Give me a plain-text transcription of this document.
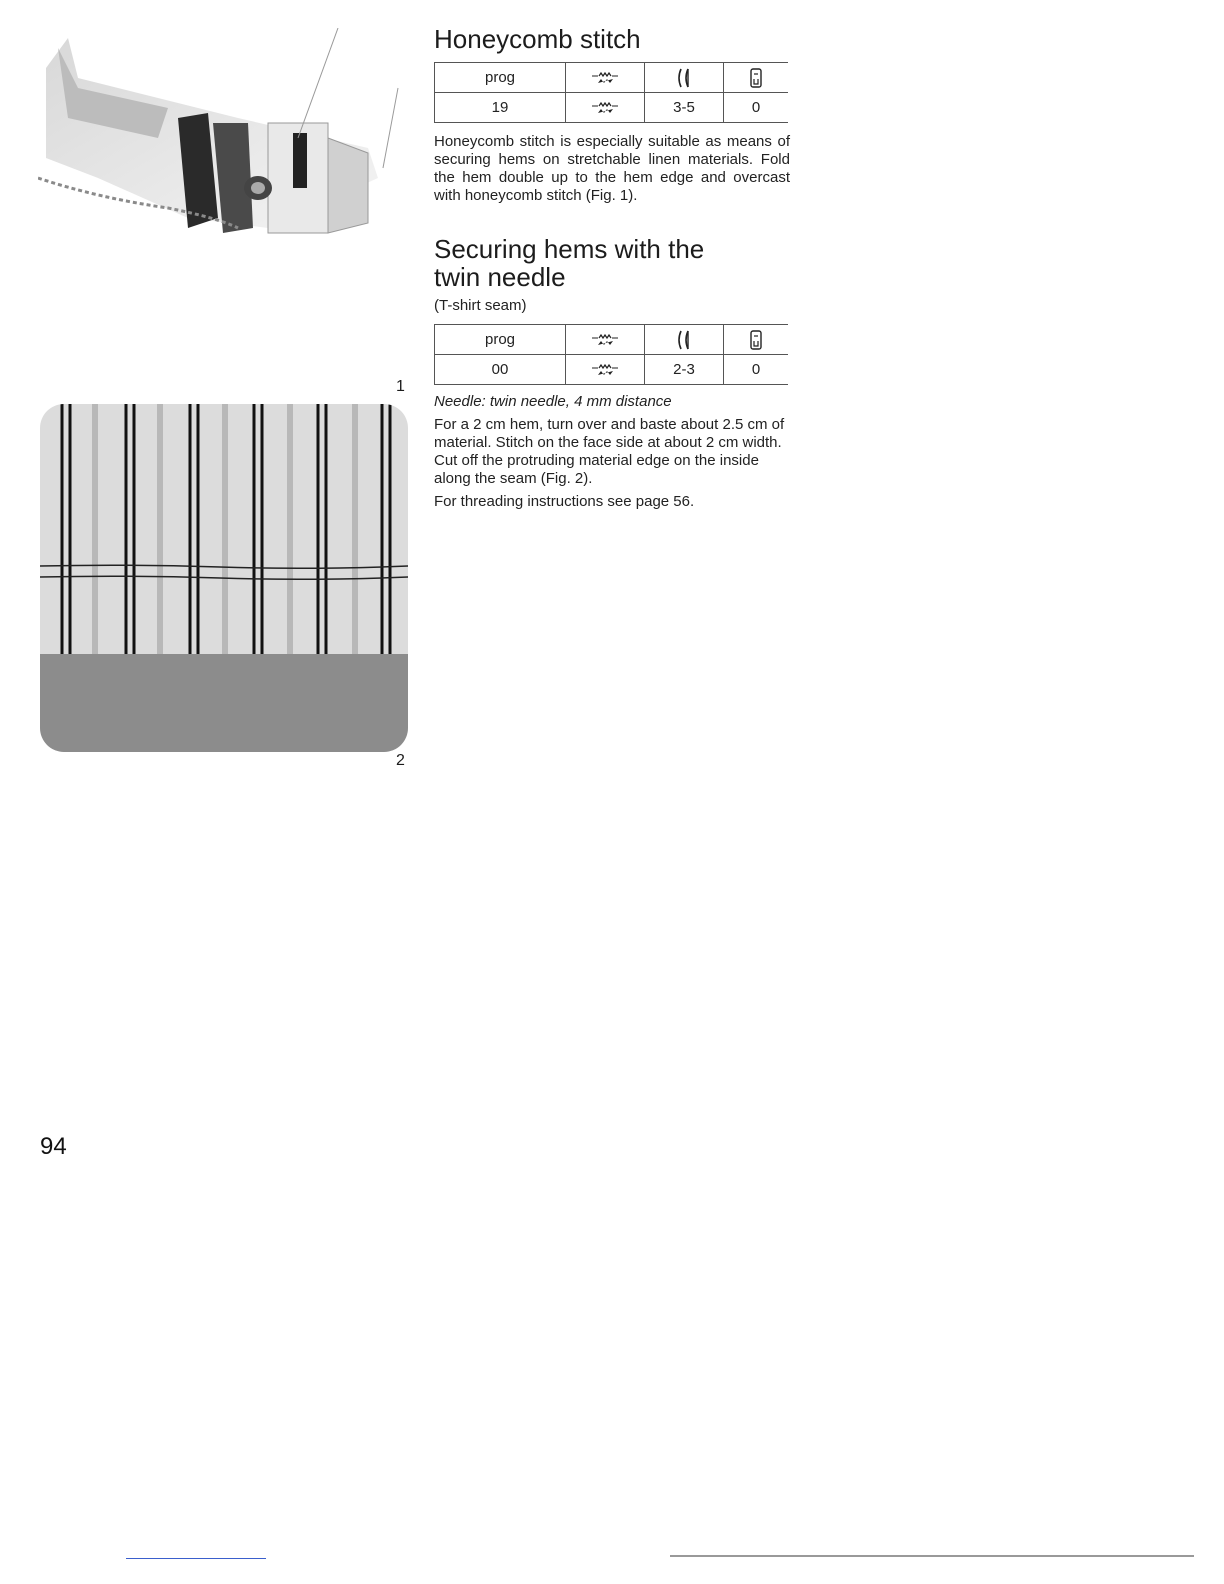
1
2
Honeycomb stitch
prog	

19		3-5	0

Honeycomb stitch is especially suitable as means of securing hems on stretchable linen materials. Fold the hem double up to the hem edge and overcast with honeycomb stitch (Fig. 1).

Securing hems with the
twin needle

(T-shirt seam)

prog	

00		2-3	0

Needle: twin needle, 4 mm distance

For a 2 cm hem, turn over and baste about 2.5 cm of material. Stitch on the face side at about 2 cm width. Cut off the protruding material edge on the inside along the seam (Fig. 2).

For threading instructions see page 56.

94
